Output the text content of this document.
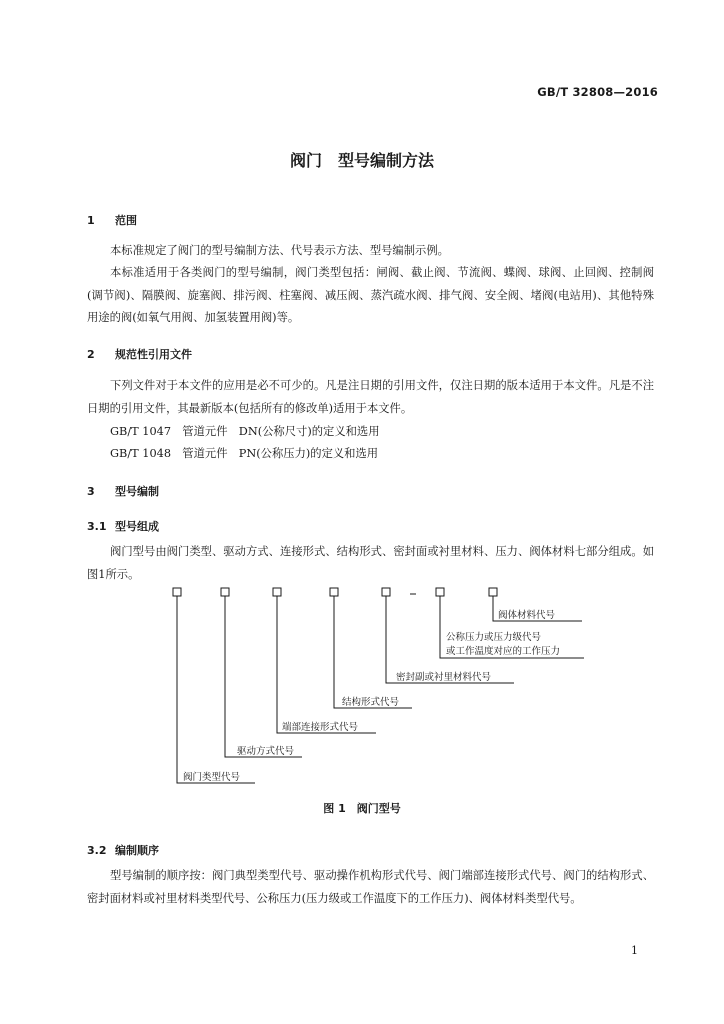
GB/T 32808—2016
阀门　型号编制方法
1 范围

本标准规定了阀门的型号编制方法、代号表示方法、型号编制示例。

本标准适用于各类阀门的型号编制，阀门类型包括：闸阀、截止阀、节流阀、蝶阀、球阀、止回阀、控制阀(调节阀)、隔膜阀、旋塞阀、排污阀、柱塞阀、减压阀、蒸汽疏水阀、排气阀、安全阀、堵阀(电站用)、其他特殊用途的阀(如氧气用阀、加氢装置用阀)等。

2 规范性引用文件

下列文件对于本文件的应用是必不可少的。凡是注日期的引用文件，仅注日期的版本适用于本文件。凡是不注日期的引用文件，其最新版本(包括所有的修改单)适用于本文件。

GB/T 1047　管道元件　DN(公称尺寸)的定义和选用
GB/T 1048　管道元件　PN(公称压力)的定义和选用
3 型号编制
3.1 型号组成

阀门型号由阀门类型、驱动方式、连接形式、结构形式、密封面或衬里材料、压力、阀体材料七部分组成。如图1所示。

阀门类型代号
驱动方式代号
端部连接形式代号
结构形式代号
密封副或衬里材料代号
公称压力或压力级代号
或工作温度对应的工作压力
阀体材料代号
图 1　阀门型号
3.2 编制顺序

型号编制的顺序按：阀门典型类型代号、驱动操作机构形式代号、阀门端部连接形式代号、阀门的结构形式、密封面材料或衬里材料类型代号、公称压力(压力级或工作温度下的工作压力)、阀体材料类型代号。

1
